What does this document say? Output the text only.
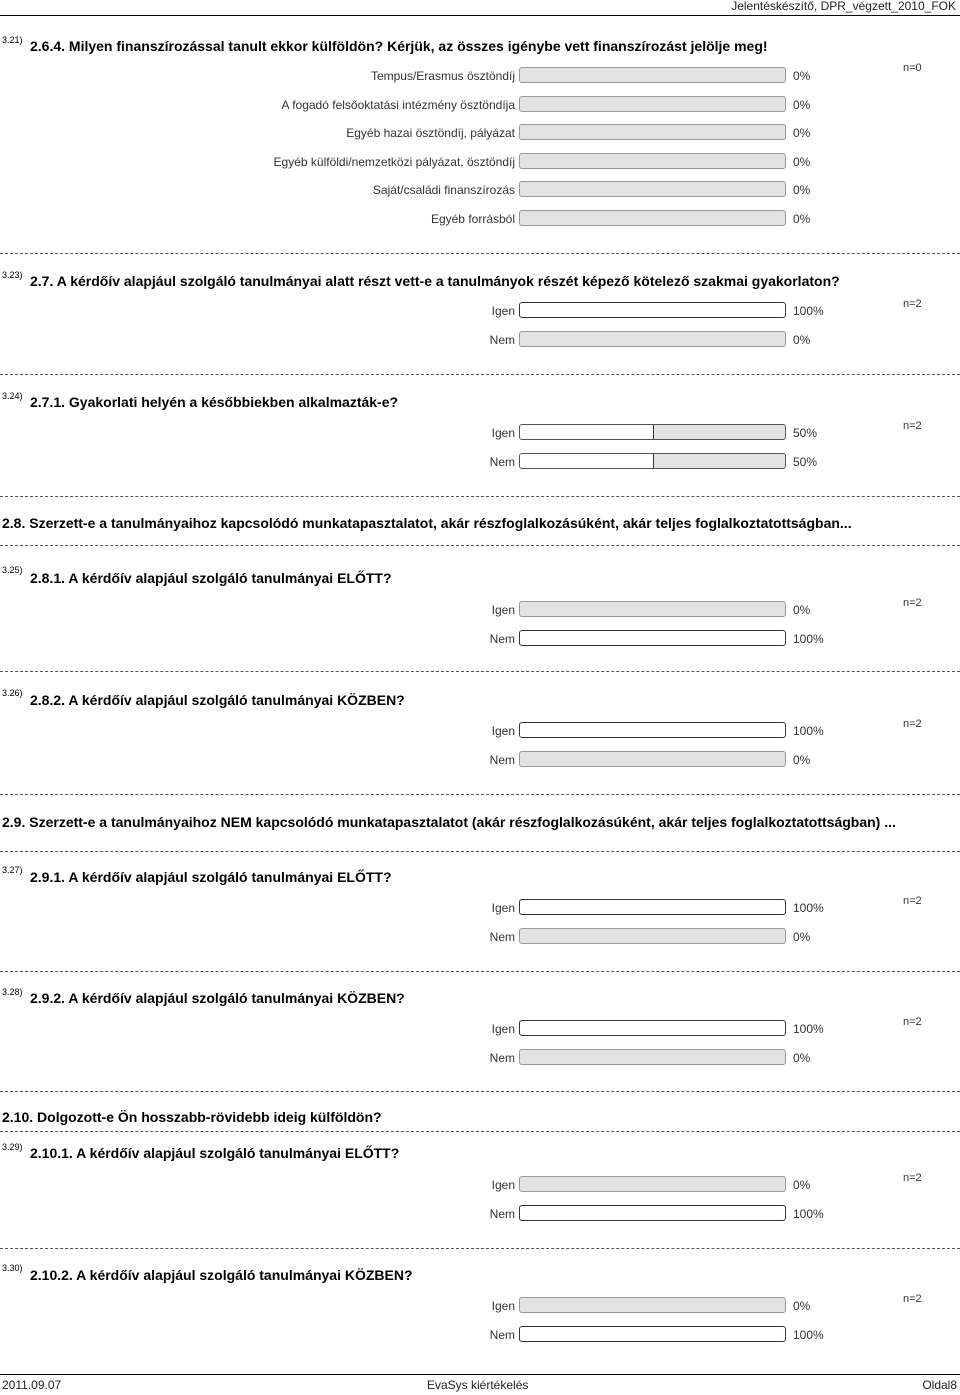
Jelentéskészítő, DPR_végzett_2010_FOK
3.21) 2.6.4. Milyen finanszírozással tanult ekkor külföldön? Kérjük, az összes igénybe vett finanszírozást jelölje meg!
n=0
Tempus/Erasmus ösztöndíj	0%
A fogadó felsőoktatási intézmény ösztöndíja	0%
Egyéb hazai ösztöndíj, pályázat	0%
Egyéb külföldi/nemzetközi pályázat, ösztöndíj	0%
Saját/családi finanszírozás	0%
Egyéb forrásból	0%
3.23) 2.7. A kérdőív alapjául szolgáló tanulmányai alatt részt vett-e a tanulmányok részét képező kötelező szakmai gyakorlaton?
n=2
Igen	100%
Nem	0%
3.24) 2.7.1. Gyakorlati helyén a későbbiekben alkalmazták-e?
n=2
Igen	50%
Nem	50%
2.8. Szerzett-e a tanulmányaihoz kapcsolódó munkatapasztalatot, akár részfoglalkozásúként, akár teljes foglalkoztatottságban...
3.25) 2.8.1. A kérdőív alapjául szolgáló tanulmányai ELŐTT?
n=2
Igen	0%
Nem	100%
3.26) 2.8.2. A kérdőív alapjául szolgáló tanulmányai KÖZBEN?
n=2
Igen	100%
Nem	0%
2.9. Szerzett-e a tanulmányaihoz NEM kapcsolódó munkatapasztalatot (akár részfoglalkozásúként, akár teljes foglalkoztatottságban) ...
3.27) 2.9.1. A kérdőív alapjául szolgáló tanulmányai ELŐTT?
n=2
Igen	100%
Nem	0%
3.28) 2.9.2. A kérdőív alapjául szolgáló tanulmányai KÖZBEN?
n=2
Igen	100%
Nem	0%
2.10. Dolgozott-e Ön hosszabb-rövidebb ideig külföldön?
3.29) 2.10.1. A kérdőív alapjául szolgáló tanulmányai ELŐTT?
n=2
Igen	0%
Nem	100%
3.30) 2.10.2. A kérdőív alapjául szolgáló tanulmányai KÖZBEN?
n=2
Igen	0%
Nem	100%
2011.09.07	EvaSys kiértékelés	Oldal8
